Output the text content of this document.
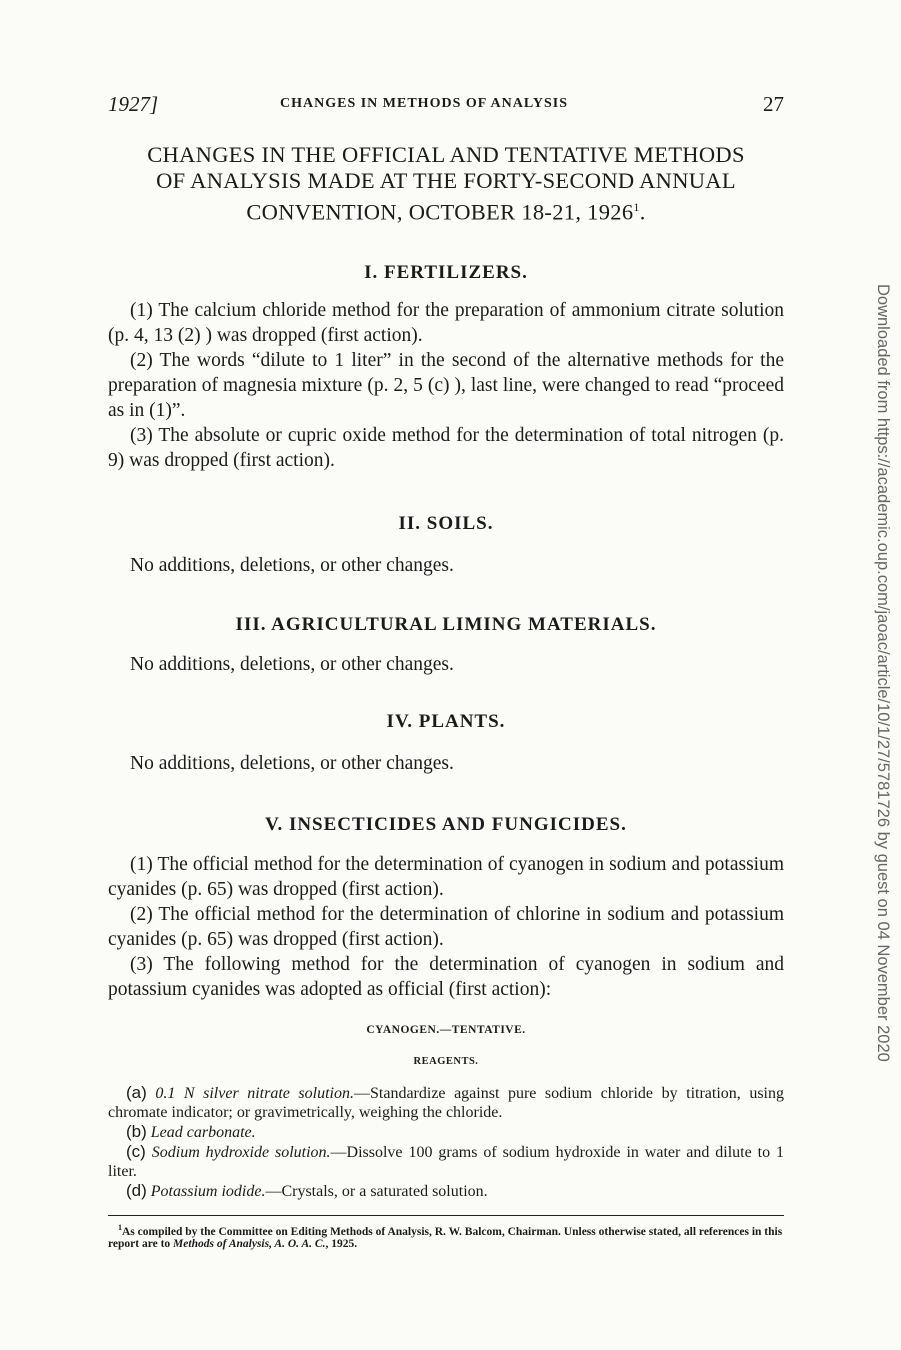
1927]	CHANGES IN METHODS OF ANALYSIS	27
CHANGES IN THE OFFICIAL AND TENTATIVE METHODS
OF ANALYSIS MADE AT THE FORTY-SECOND ANNUAL
CONVENTION, OCTOBER 18-21, 1926$^1$.
I. FERTILIZERS.

(1) The calcium chloride method for the preparation of ammonium citrate solution (p. 4, 13 (2) ) was dropped (first action).

(2) The words “dilute to 1 liter” in the second of the alternative methods for the preparation of magnesia mixture (p. 2, 5 (c) ), last line, were changed to read “proceed as in (1)”.

(3) The absolute or cupric oxide method for the determination of total nitrogen (p. 9) was dropped (first action).

II. SOILS.

No additions, deletions, or other changes.

III. AGRICULTURAL LIMING MATERIALS.

No additions, deletions, or other changes.

IV. PLANTS.

No additions, deletions, or other changes.

V. INSECTICIDES AND FUNGICIDES.

(1) The official method for the determination of cyanogen in sodium and potassium cyanides (p. 65) was dropped (first action).

(2) The official method for the determination of chlorine in sodium and potassium cyanides (p. 65) was dropped (first action).

(3) The following method for the determination of cyanogen in sodium and potassium cyanides was adopted as official (first action):

CYANOGEN.—TENTATIVE.

REAGENTS.

(a) 0.1 N silver nitrate solution.—Standardize against pure sodium chloride by titration, using chromate indicator; or gravimetrically, weighing the chloride.

(b) Lead carbonate.

(c) Sodium hydroxide solution.—Dissolve 100 grams of sodium hydroxide in water and dilute to 1 liter.

(d) Potassium iodide.—Crystals, or a saturated solution.

$^1$As compiled by the Committee on Editing Methods of Analysis, R. W. Balcom, Chairman. Unless otherwise stated, all references in this report are to Methods of Analysis, A. O. A. C., 1925.

Downloaded from https://academic.oup.com/jaoac/article/10/1/27/5781726 by guest on 04 November 2020
